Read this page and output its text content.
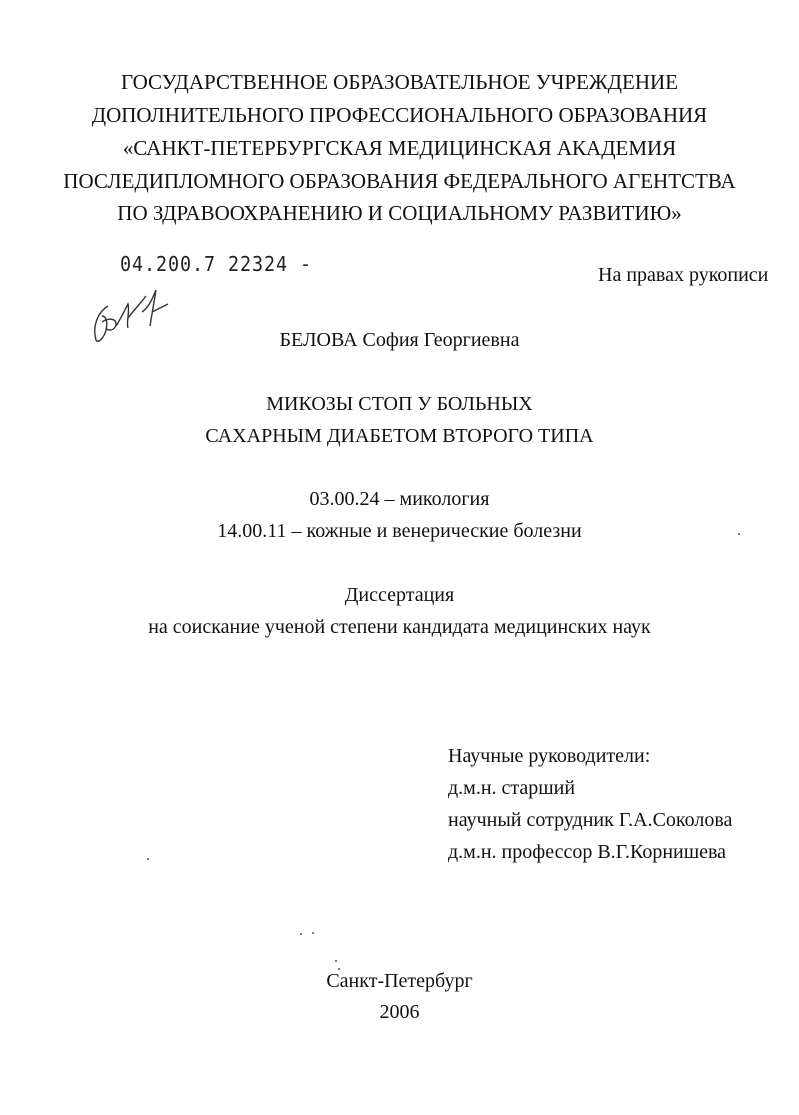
ГОСУДАРСТВЕННОЕ ОБРАЗОВАТЕЛЬНОЕ УЧРЕЖДЕНИЕ
ДОПОЛНИТЕЛЬНОГО ПРОФЕССИОНАЛЬНОГО ОБРАЗОВАНИЯ
«САНКТ-ПЕТЕРБУРГСКАЯ МЕДИЦИНСКАЯ АКАДЕМИЯ
ПОСЛЕДИПЛОМНОГО ОБРАЗОВАНИЯ ФЕДЕРАЛЬНОГО АГЕНТСТВА
ПО ЗДРАВООХРАНЕНИЮ И СОЦИАЛЬНОМУ РАЗВИТИЮ»
04.200.7 22324 -	На правах рукописи
БЕЛОВА София Георгиевна
МИКОЗЫ СТОП У БОЛЬНЫХ
САХАРНЫМ ДИАБЕТОМ ВТОРОГО ТИПА
03.00.24 – микология
14.00.11 – кожные и венерические болезни
Диссертация
на соискание ученой степени кандидата медицинских наук
Научные руководители:
д.м.н. старший
научный сотрудник Г.А.Соколова
д.м.н. профессор В.Г.Корнишева
Санкт-Петербург
2006
